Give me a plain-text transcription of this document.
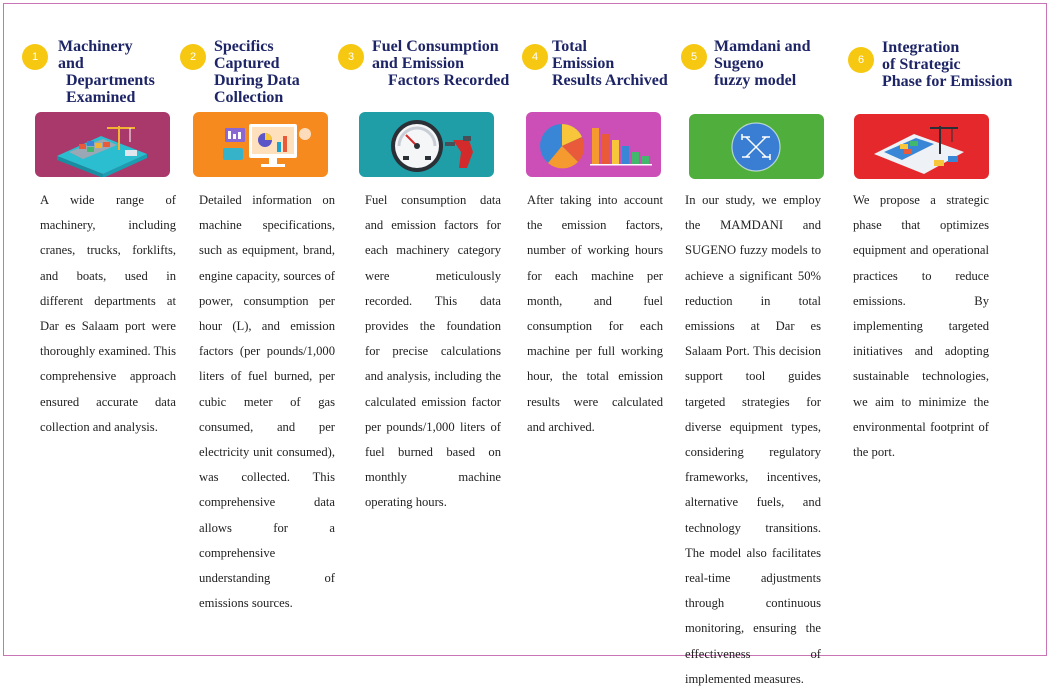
1
Machinery
and
Departments
Examined
A wide range of machinery, including cranes, trucks, forklifts, and boats, used in different departments at Dar es Salaam port were thoroughly examined. This comprehensive approach ensured accurate data collection and analysis.
2
Specifics
Captured
During Data
Collection
Detailed information on machine specifications, such as equipment, brand, engine capacity, sources of power, consumption per hour (L), and emission factors (per pounds/1,000 liters of fuel burned, per cubic meter of gas consumed, and per electricity unit consumed), was collected. This comprehensive data allows for a comprehensive understanding of emissions sources.
3
Fuel Consumption
and Emission
Factors Recorded
Fuel consumption data and emission factors for each machinery category were meticulously recorded. This data provides the foundation for precise calculations and analysis, including the calculated emission factor per pounds/1,000 liters of fuel burned based on monthly machine operating hours.
4
Total
Emission
Results Archived
After taking into account the emission factors, number of working hours for each machine per month, and fuel consumption for each machine per full working hour, the total emission results were calculated and archived.
5
Mamdani and
Sugeno
fuzzy model
In our study, we employ the MAMDANI and SUGENO fuzzy models to achieve a significant 50% reduction in total emissions at Dar es Salaam Port. This decision support tool guides targeted strategies for diverse equipment types, considering regulatory frameworks, incentives, alternative fuels, and technology transitions. The model also facilitates real-time adjustments through continuous monitoring, ensuring the effectiveness of implemented measures.
6
Integration
of Strategic
Phase for Emission
We propose a strategic phase that optimizes equipment and operational practices to reduce emissions. By implementing targeted initiatives and adopting sustainable technologies, we aim to minimize the environmental footprint of the port.
